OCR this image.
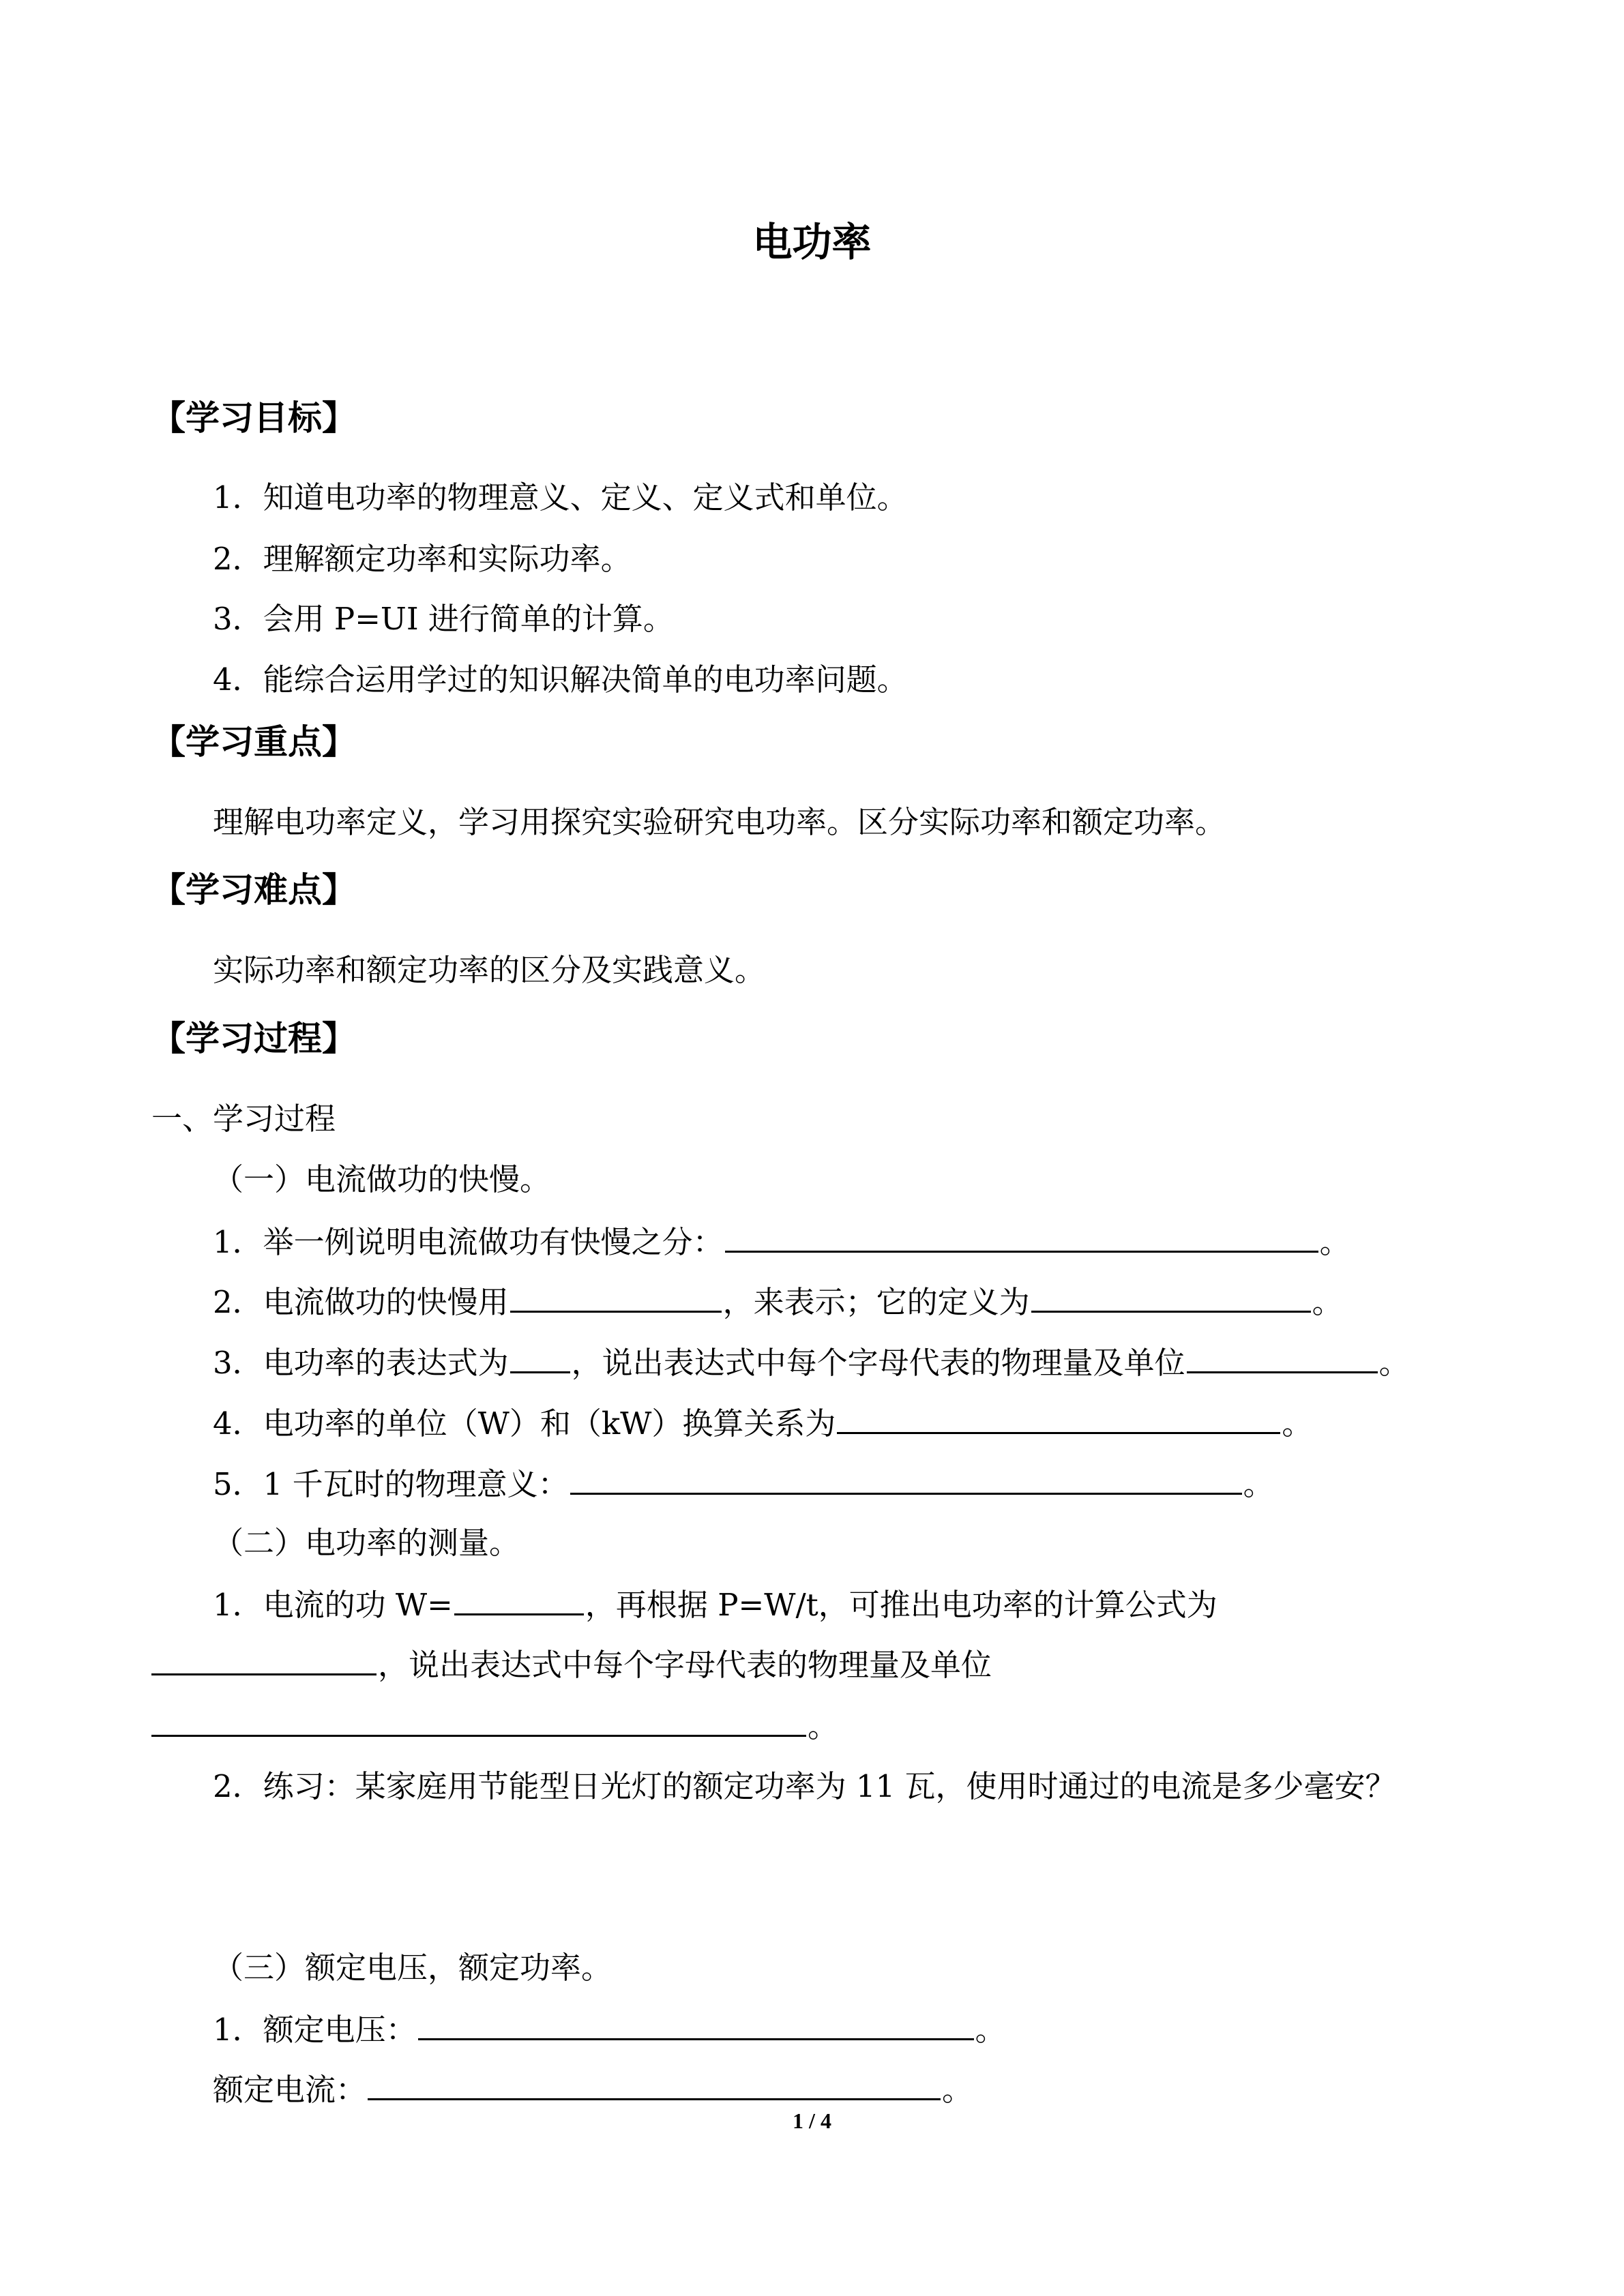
电功率
【学习目标】
1．知道电功率的物理意义、定义、定义式和单位。
2．理解额定功率和实际功率。
3．会用 P=UI 进行简单的计算。
4．能综合运用学过的知识解决简单的电功率问题。
【学习重点】
理解电功率定义，学习用探究实验研究电功率。区分实际功率和额定功率。
【学习难点】
实际功率和额定功率的区分及实践意义。
【学习过程】
一、学习过程
（一）电流做功的快慢。
1．举一例说明电流做功有快慢之分：	。
2．电流做功的快慢用	，来表示；它的定义为	。
3．电功率的表达式为 ，说出表达式中每个字母代表的物理量及单位	。
4．电功率的单位（W）和（kW）换算关系为	。
5．1 千瓦时的物理意义：	。
（二）电功率的测量。
1．电流的功 W=	，再根据 P=W/t，可推出电功率的计算公式为
，说出表达式中每个字母代表的物理量及单位
。
2．练习：某家庭用节能型日光灯的额定功率为 11 瓦，使用时通过的电流是多少毫安？
（三）额定电压，额定功率。
1．额定电压：	。
额定电流：	。
1 / 4
